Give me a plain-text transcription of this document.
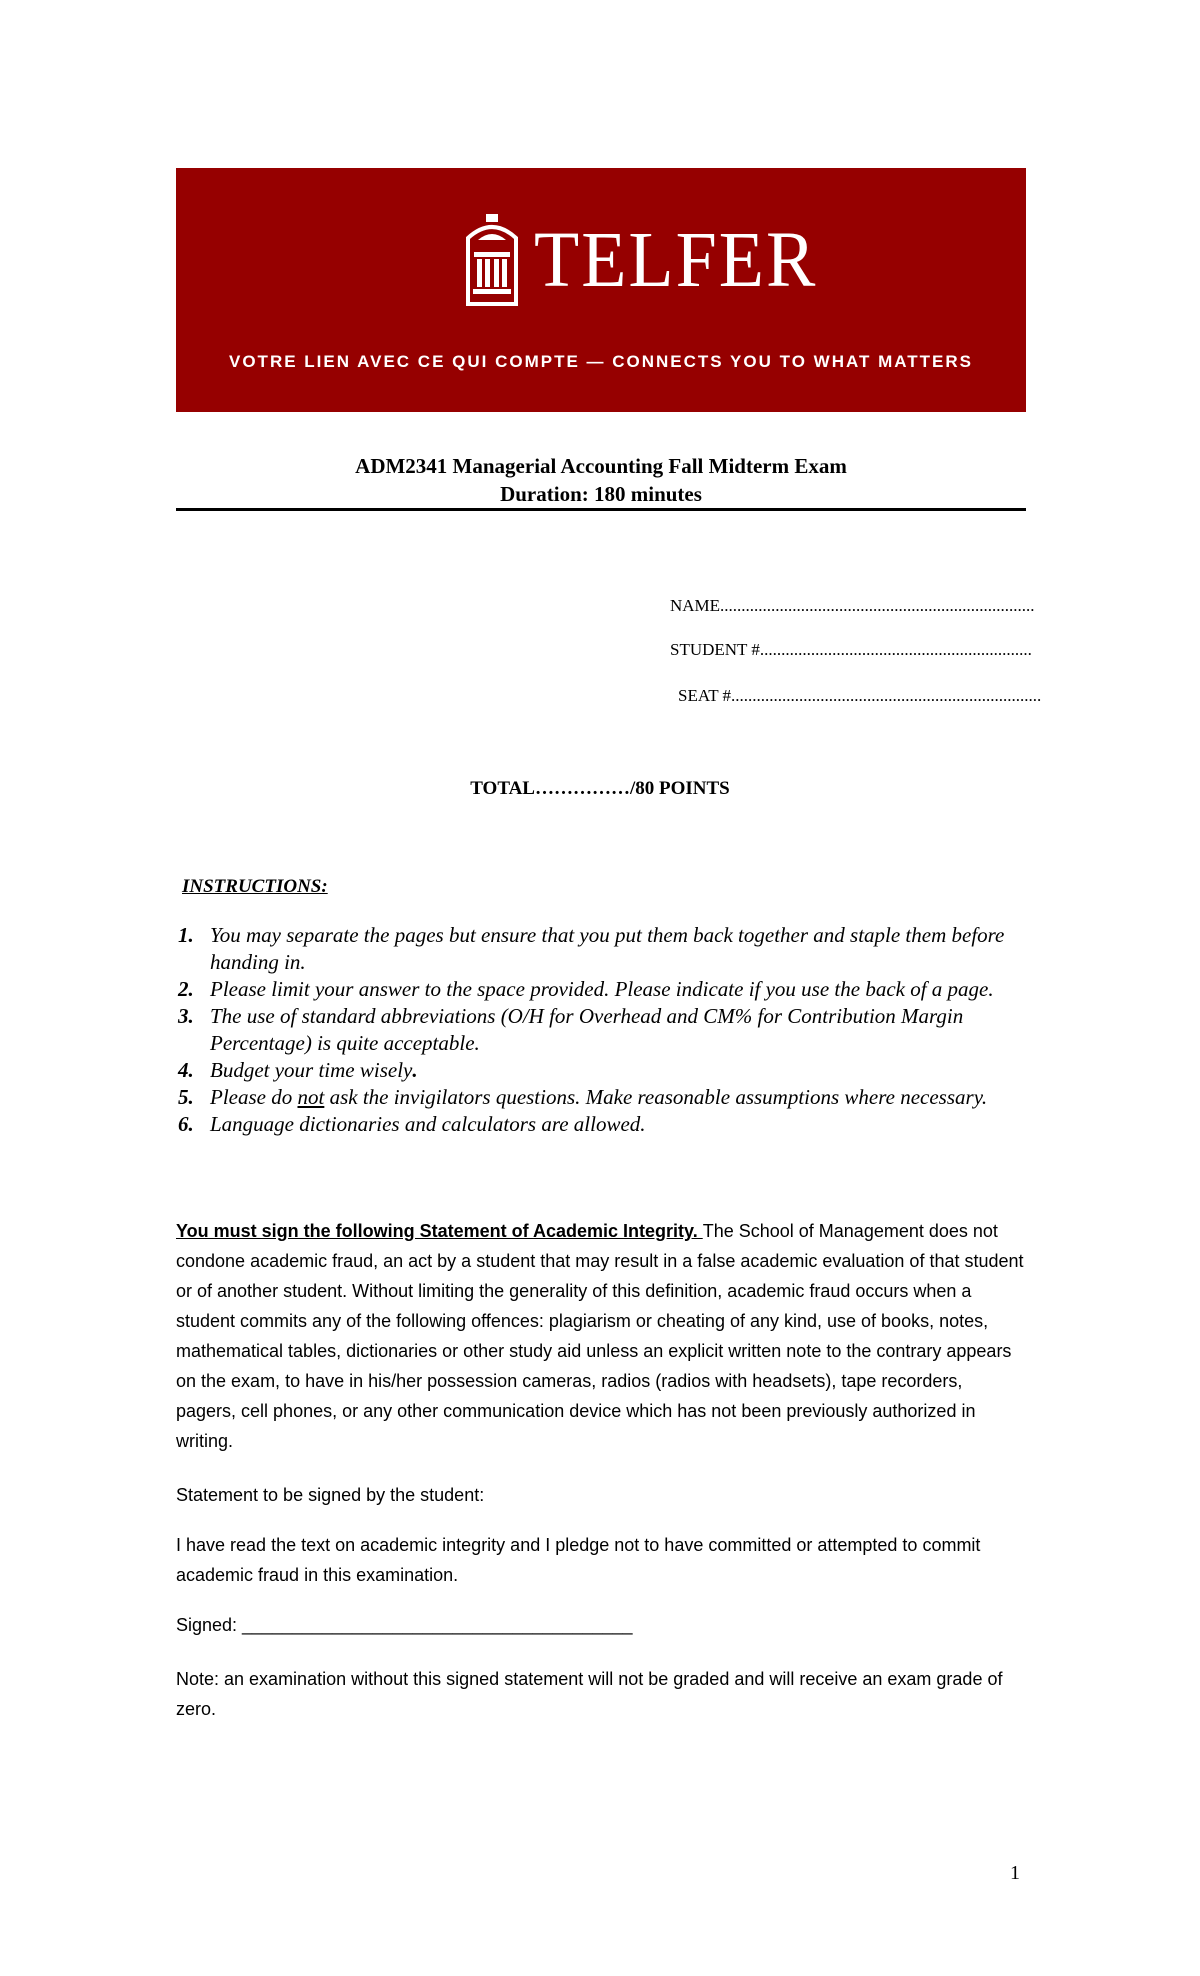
TELFER
VOTRE LIEN AVEC CE QUI COMPTE — CONNECTS YOU TO WHAT MATTERS
ADM2341 Managerial Accounting Fall Midterm Exam
Duration: 180 minutes
NAME..........................................................................
STUDENT #................................................................
SEAT #.........................................................................
TOTAL……………/80 POINTS
INSTRUCTIONS:
1. You may separate the pages but ensure that you put them back together and staple them before handing in.
2. Please limit your answer to the space provided. Please indicate if you use the back of a page.
3. The use of standard abbreviations (O/H for Overhead and CM% for Contribution Margin Percentage) is quite acceptable.
4. Budget your time wisely.
5. Please do not ask the invigilators questions. Make reasonable assumptions where necessary.
6. Language dictionaries and calculators are allowed.
You must sign the following Statement of Academic Integrity. The School of Management does not condone academic fraud, an act by a student that may result in a false academic evaluation of that student or of another student. Without limiting the generality of this definition, academic fraud occurs when a student commits any of the following offences: plagiarism or cheating of any kind, use of books, notes, mathematical tables, dictionaries or other study aid unless an explicit written note to the contrary appears on the exam, to have in his/her possession cameras, radios (radios with headsets), tape recorders, pagers, cell phones, or any other communication device which has not been previously authorized in writing.
Statement to be signed by the student:
I have read the text on academic integrity and I pledge not to have committed or attempted to commit academic fraud in this examination.
Signed: _______________________________________
Note: an examination without this signed statement will not be graded and will receive an exam grade of zero.
1
